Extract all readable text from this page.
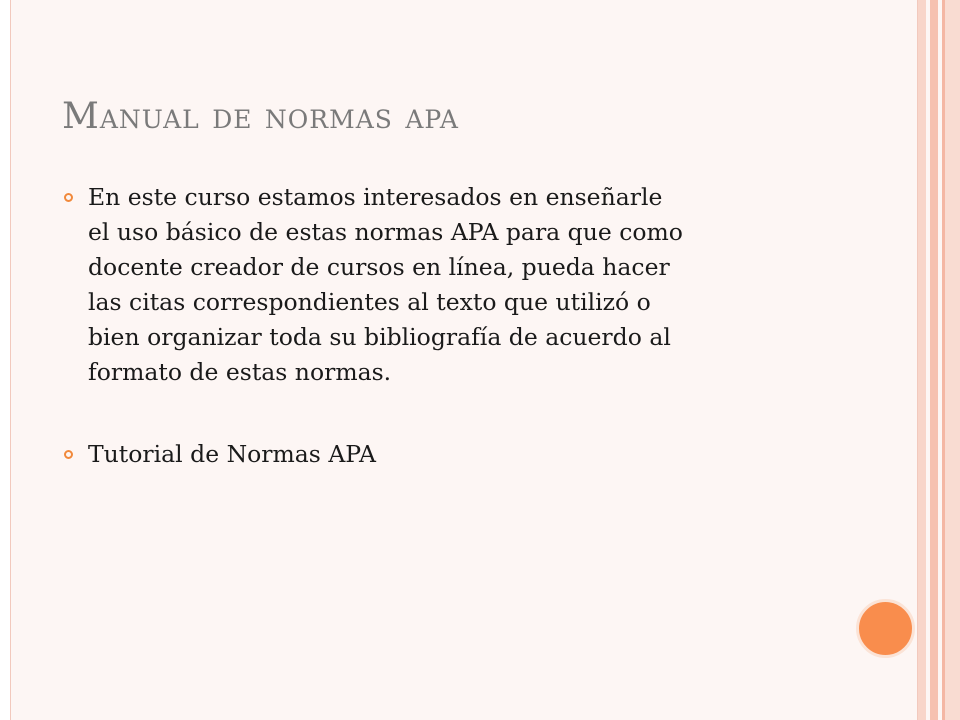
Manual de normas apa
En este curso estamos interesados en enseñarle
el uso básico de estas normas APA para que como
docente creador de cursos en línea, pueda hacer
las citas correspondientes al texto que utilizó o
bien organizar toda su bibliografía de acuerdo al
formato de estas normas.
Tutorial de Normas APA
